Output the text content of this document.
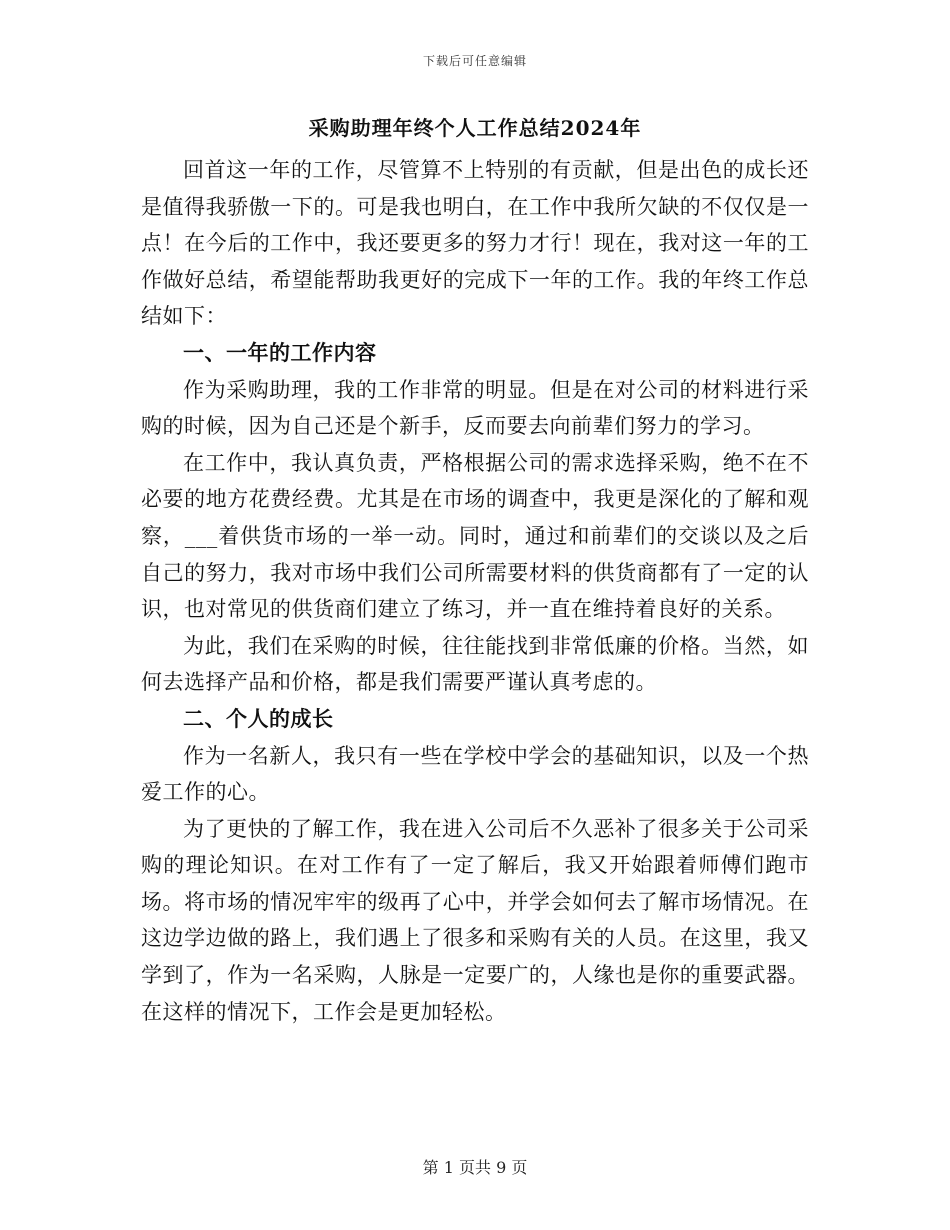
下载后可任意编辑
采购助理年终个人工作总结2024年

回首这一年的工作，尽管算不上特别的有贡献，但是出色的成长还是值得我骄傲一下的。可是我也明白，在工作中我所欠缺的不仅仅是一点！在今后的工作中，我还要更多的努力才行！现在，我对这一年的工作做好总结，希望能帮助我更好的完成下一年的工作。我的年终工作总结如下：

一、一年的工作内容

作为采购助理，我的工作非常的明显。但是在对公司的材料进行采购的时候，因为自己还是个新手，反而要去向前辈们努力的学习。

在工作中，我认真负责，严格根据公司的需求选择采购，绝不在不必要的地方花费经费。尤其是在市场的调查中，我更是深化的了解和观察，___着供货市场的一举一动。同时，通过和前辈们的交谈以及之后自己的努力，我对市场中我们公司所需要材料的供货商都有了一定的认识，也对常见的供货商们建立了练习，并一直在维持着良好的关系。

为此，我们在采购的时候，往往能找到非常低廉的价格。当然，如何去选择产品和价格，都是我们需要严谨认真考虑的。

二、个人的成长

作为一名新人，我只有一些在学校中学会的基础知识，以及一个热爱工作的心。

为了更快的了解工作，我在进入公司后不久恶补了很多关于公司采购的理论知识。在对工作有了一定了解后，我又开始跟着师傅们跑市场。将市场的情况牢牢的级再了心中，并学会如何去了解市场情况。在这边学边做的路上，我们遇上了很多和采购有关的人员。在这里，我又学到了，作为一名采购，人脉是一定要广的，人缘也是你的重要武器。在这样的情况下，工作会是更加轻松。

第 1 页共 9 页
